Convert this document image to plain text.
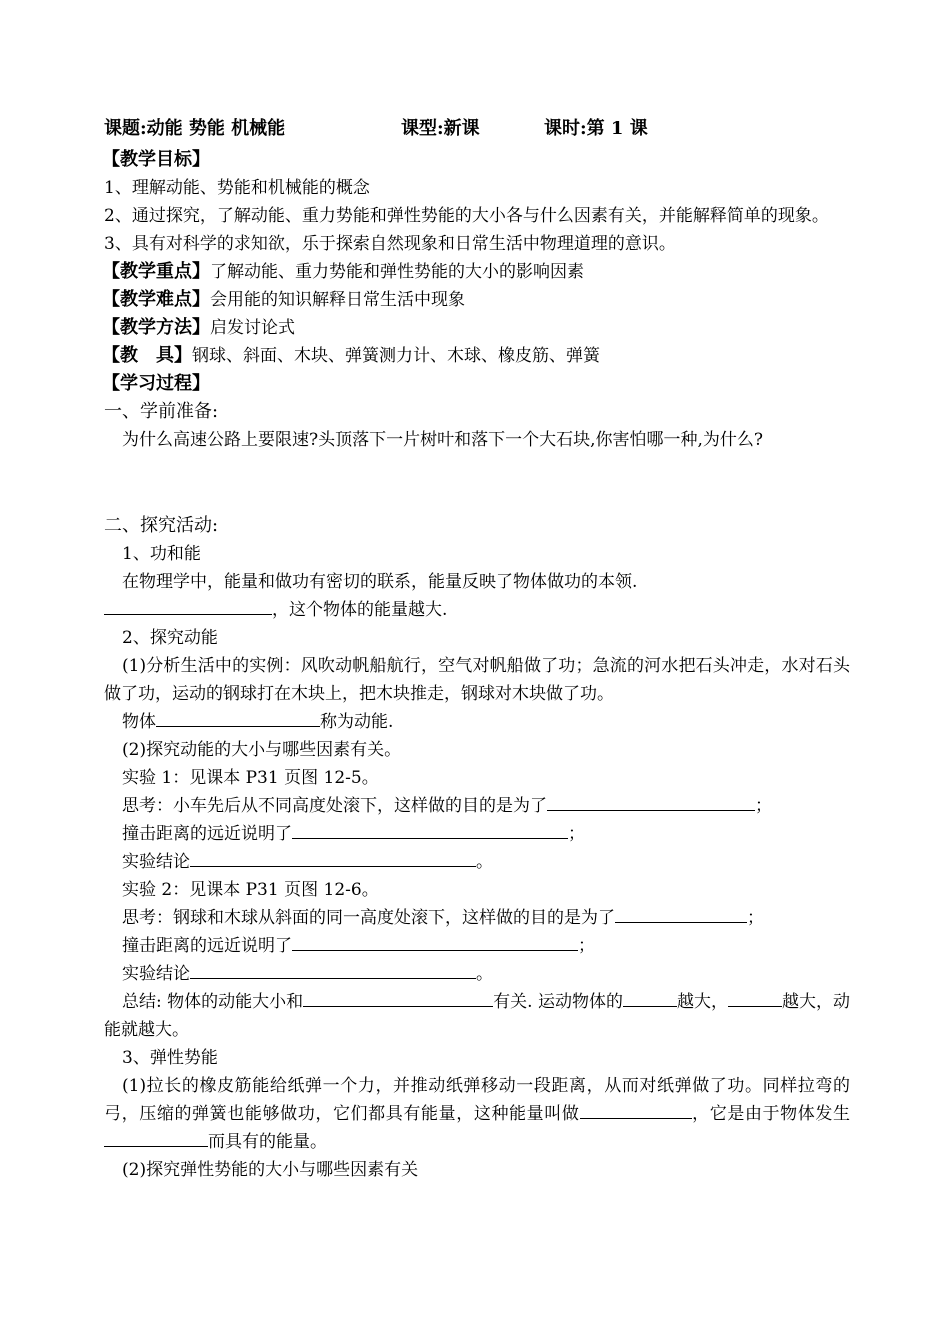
课题:动能 势能 机械能	课型:新课	课时:第 1 课
【教学目标】
1、理解动能、势能和机械能的概念
2、通过探究，了解动能、重力势能和弹性势能的大小各与什么因素有关，并能解释简单的现象。
3、具有对科学的求知欲，乐于探索自然现象和日常生活中物理道理的意识。
【教学重点】了解动能、重力势能和弹性势能的大小的影响因素
【教学难点】会用能的知识解释日常生活中现象
【教学方法】启发讨论式
【教　具】钢球、斜面、木块、弹簧测力计、木球、橡皮筋、弹簧
【学习过程】
一、学前准备:
为什么高速公路上要限速?头顶落下一片树叶和落下一个大石块,你害怕哪一种,为什么?
二、探究活动:
1、功和能
在物理学中，能量和做功有密切的联系，能量反映了物体做功的本领.
，这个物体的能量越大.
2、探究动能
(1)分析生活中的实例：风吹动帆船航行，空气对帆船做了功；急流的河水把石头冲走，水对石头做了功，运动的钢球打在木块上，把木块推走，钢球对木块做了功。
物体	称为动能.
(2)探究动能的大小与哪些因素有关。
实验 1：见课本 P31 页图 12-5。
思考：小车先后从不同高度处滚下，这样做的目的是为了	；
撞击距离的远近说明了	；
实验结论	。
实验 2：见课本 P31 页图 12-6。
思考：钢球和木球从斜面的同一高度处滚下，这样做的目的是为了	；
撞击距离的远近说明了	；
实验结论	。
总结: 物体的动能大小和	有关. 运动物体的	越大，	越大，动能就越大。
3、弹性势能
(1)拉长的橡皮筋能给纸弹一个力，并推动纸弹移动一段距离，从而对纸弹做了功。同样拉弯的弓，压缩的弹簧也能够做功，它们都具有能量，这种能量叫做	，它是由于物体发生而具有的能量。
(2)探究弹性势能的大小与哪些因素有关
